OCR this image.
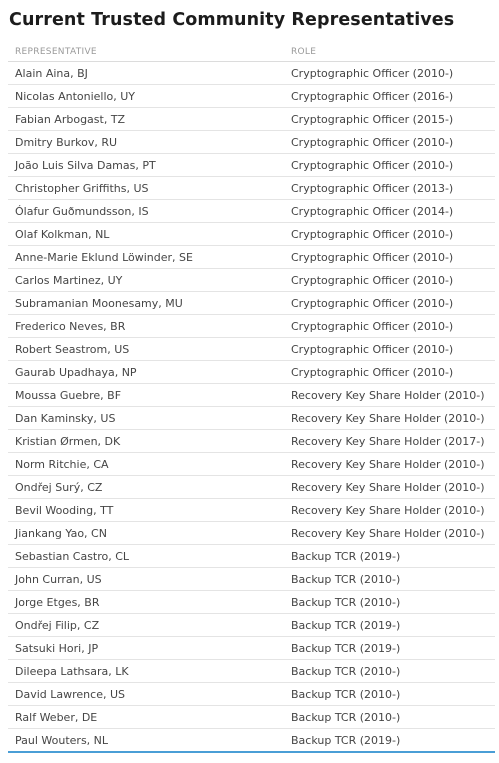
Current Trusted Community Representatives
REPRESENTATIVE	ROLE
Alain Aina, BJ	Cryptographic Officer (2010-)
Nicolas Antoniello, UY	Cryptographic Officer (2016-)
Fabian Arbogast, TZ	Cryptographic Officer (2015-)
Dmitry Burkov, RU	Cryptographic Officer (2010-)
João Luis Silva Damas, PT	Cryptographic Officer (2010-)
Christopher Griffiths, US	Cryptographic Officer (2013-)
Ólafur Guðmundsson, IS	Cryptographic Officer (2014-)
Olaf Kolkman, NL	Cryptographic Officer (2010-)
Anne-Marie Eklund Löwinder, SE	Cryptographic Officer (2010-)
Carlos Martinez, UY	Cryptographic Officer (2010-)
Subramanian Moonesamy, MU	Cryptographic Officer (2010-)
Frederico Neves, BR	Cryptographic Officer (2010-)
Robert Seastrom, US	Cryptographic Officer (2010-)
Gaurab Upadhaya, NP	Cryptographic Officer (2010-)
Moussa Guebre, BF	Recovery Key Share Holder (2010-)
Dan Kaminsky, US	Recovery Key Share Holder (2010-)
Kristian Ørmen, DK	Recovery Key Share Holder (2017-)
Norm Ritchie, CA	Recovery Key Share Holder (2010-)
Ondřej Surý, CZ	Recovery Key Share Holder (2010-)
Bevil Wooding, TT	Recovery Key Share Holder (2010-)
Jiankang Yao, CN	Recovery Key Share Holder (2010-)
Sebastian Castro, CL	Backup TCR (2019-)
John Curran, US	Backup TCR (2010-)
Jorge Etges, BR	Backup TCR (2010-)
Ondřej Filip, CZ	Backup TCR (2019-)
Satsuki Hori, JP	Backup TCR (2019-)
Dileepa Lathsara, LK	Backup TCR (2010-)
David Lawrence, US	Backup TCR (2010-)
Ralf Weber, DE	Backup TCR (2010-)
Paul Wouters, NL	Backup TCR (2019-)
